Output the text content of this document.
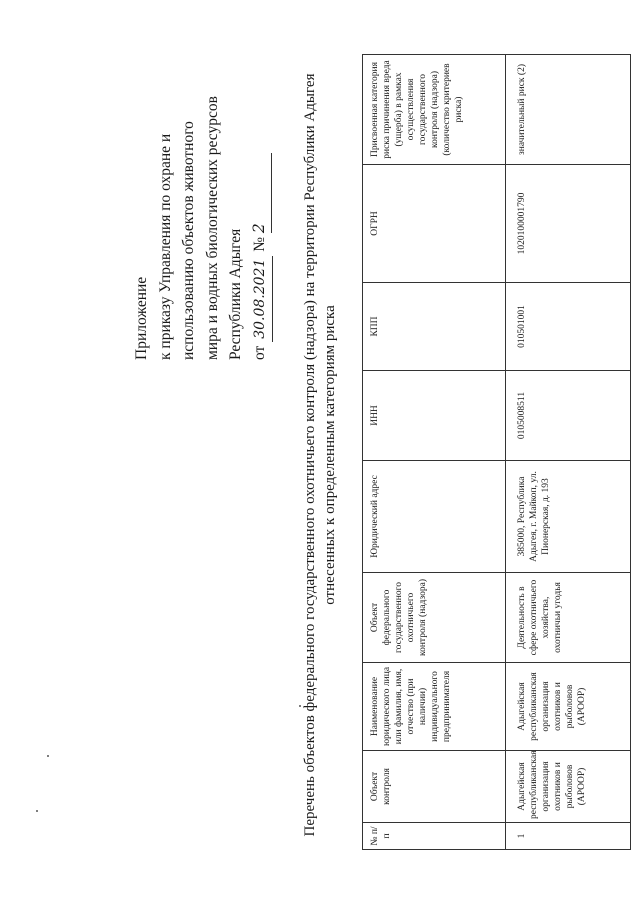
Приложение к приказу Управления по охране и использованию объектов животного мира и водных биологических ресурсов Республики Адыгея от 30.08.2021 № 2	Перечень объектов федерального государственного охотничьего контроля (надзора) на территории Республики Адыгея отнесенных к определенным категориям риска
№ п/п	Объект контроля	Наименование юридического лица или фамилия, имя, отчество (при наличии) индивидуального предпринимателя	Объект федерального государственного охотничьего контроля (надзора)	Юридический адрес	ИНН	КПП	ОГРН	Присвоенная категория риска причинения вреда (ущерба) в рамках осуществления государственного контроля (надзора) (количество критериев риска)
1	Адыгейская республиканская организация охотников и рыболовов (АРООР)	Адыгейская республиканская организация охотников и рыболовов (АРООР)	Деятельность в сфере охотничьего хозяйства, охотничьи угодья	385000, Республика Адыгея, г. Майкоп, ул. Пионерская, д. 193	0105008511	010501001	1020100001790	значительный риск (2)
